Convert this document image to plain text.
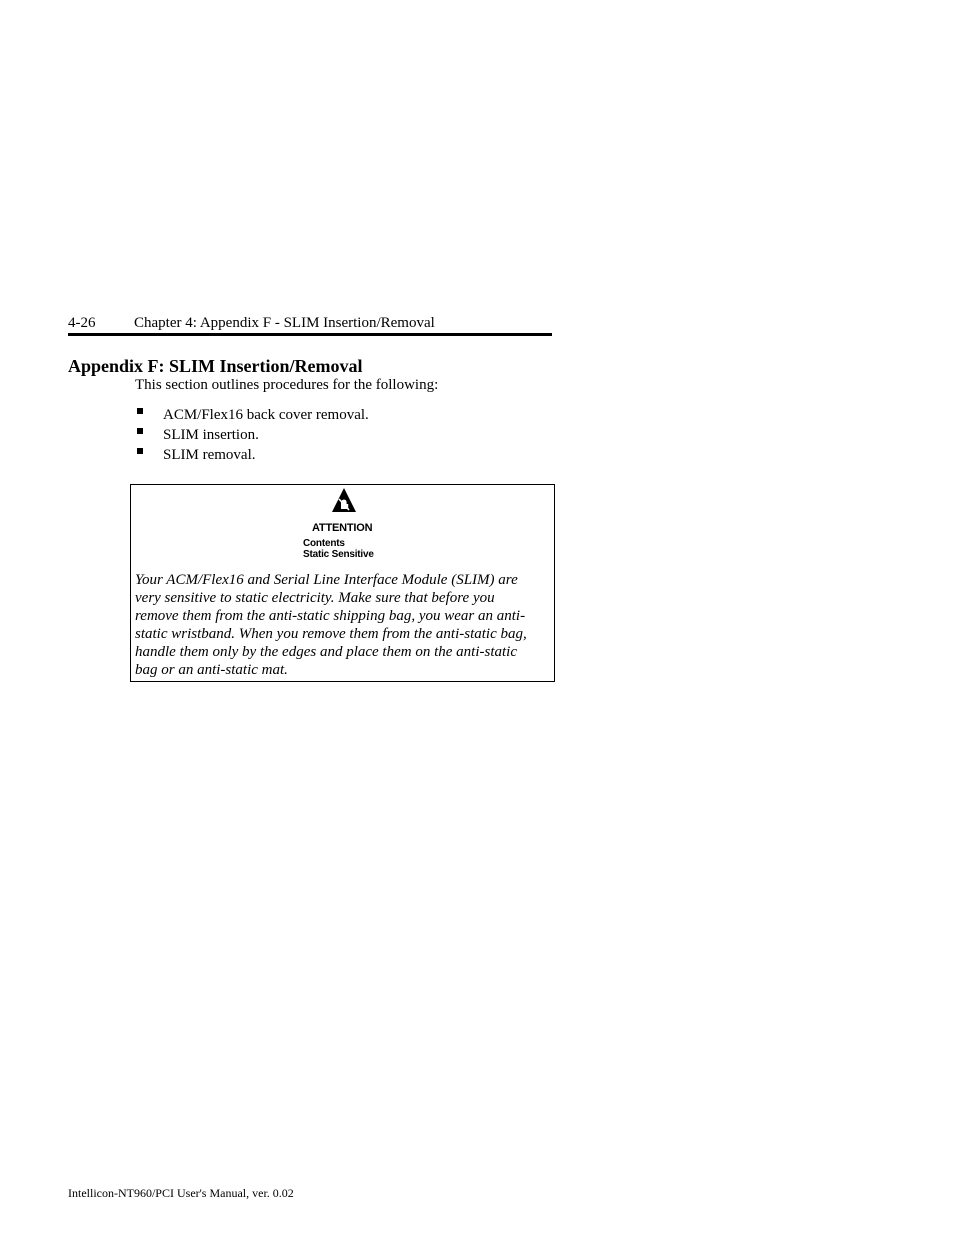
4-26	Chapter 4: Appendix F - SLIM Insertion/Removal
Appendix F: SLIM Insertion/Removal

This section outlines procedures for the following:

ACM/Flex16 back cover removal.
SLIM insertion.
SLIM removal.
ATTENTION
Contents
Static Sensitive

Your ACM/Flex16 and Serial Line Interface Module (SLIM) are
very sensitive to static electricity. Make sure that before you
remove them from the anti-static shipping bag, you wear an anti-
static wristband. When you remove them from the anti-static bag,
handle them only by the edges and place them on the anti-static
bag or an anti-static mat.

Intellicon-NT960/PCI User's Manual, ver. 0.02
